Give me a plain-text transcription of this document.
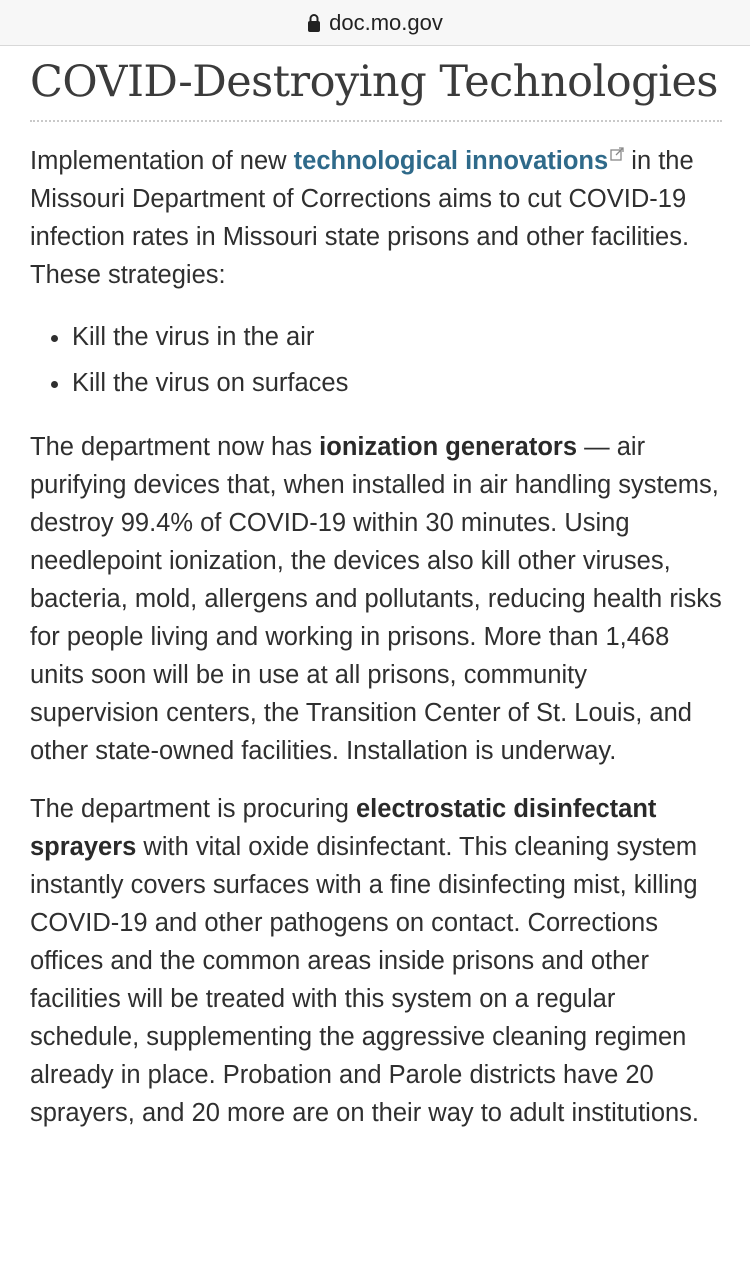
doc.mo.gov
COVID-Destroying Technologies

Implementation of new technological innovations in the Missouri Department of Corrections aims to cut COVID-19 infection rates in Missouri state prisons and other facilities. These strategies:

• Kill the virus in the air
• Kill the virus on surfaces

The department now has ionization generators — air purifying devices that, when installed in air handling systems, destroy 99.4% of COVID-19 within 30 minutes. Using needlepoint ionization, the devices also kill other viruses, bacteria, mold, allergens and pollutants, reducing health risks for people living and working in prisons. More than 1,468 units soon will be in use at all prisons, community supervision centers, the Transition Center of St. Louis, and other state-owned facilities. Installation is underway.

The department is procuring electrostatic disinfectant sprayers with vital oxide disinfectant. This cleaning system instantly covers surfaces with a fine disinfecting mist, killing COVID-19 and other pathogens on contact. Corrections offices and the common areas inside prisons and other facilities will be treated with this system on a regular schedule, supplementing the aggressive cleaning regimen already in place. Probation and Parole districts have 20 sprayers, and 20 more are on their way to adult institutions.
